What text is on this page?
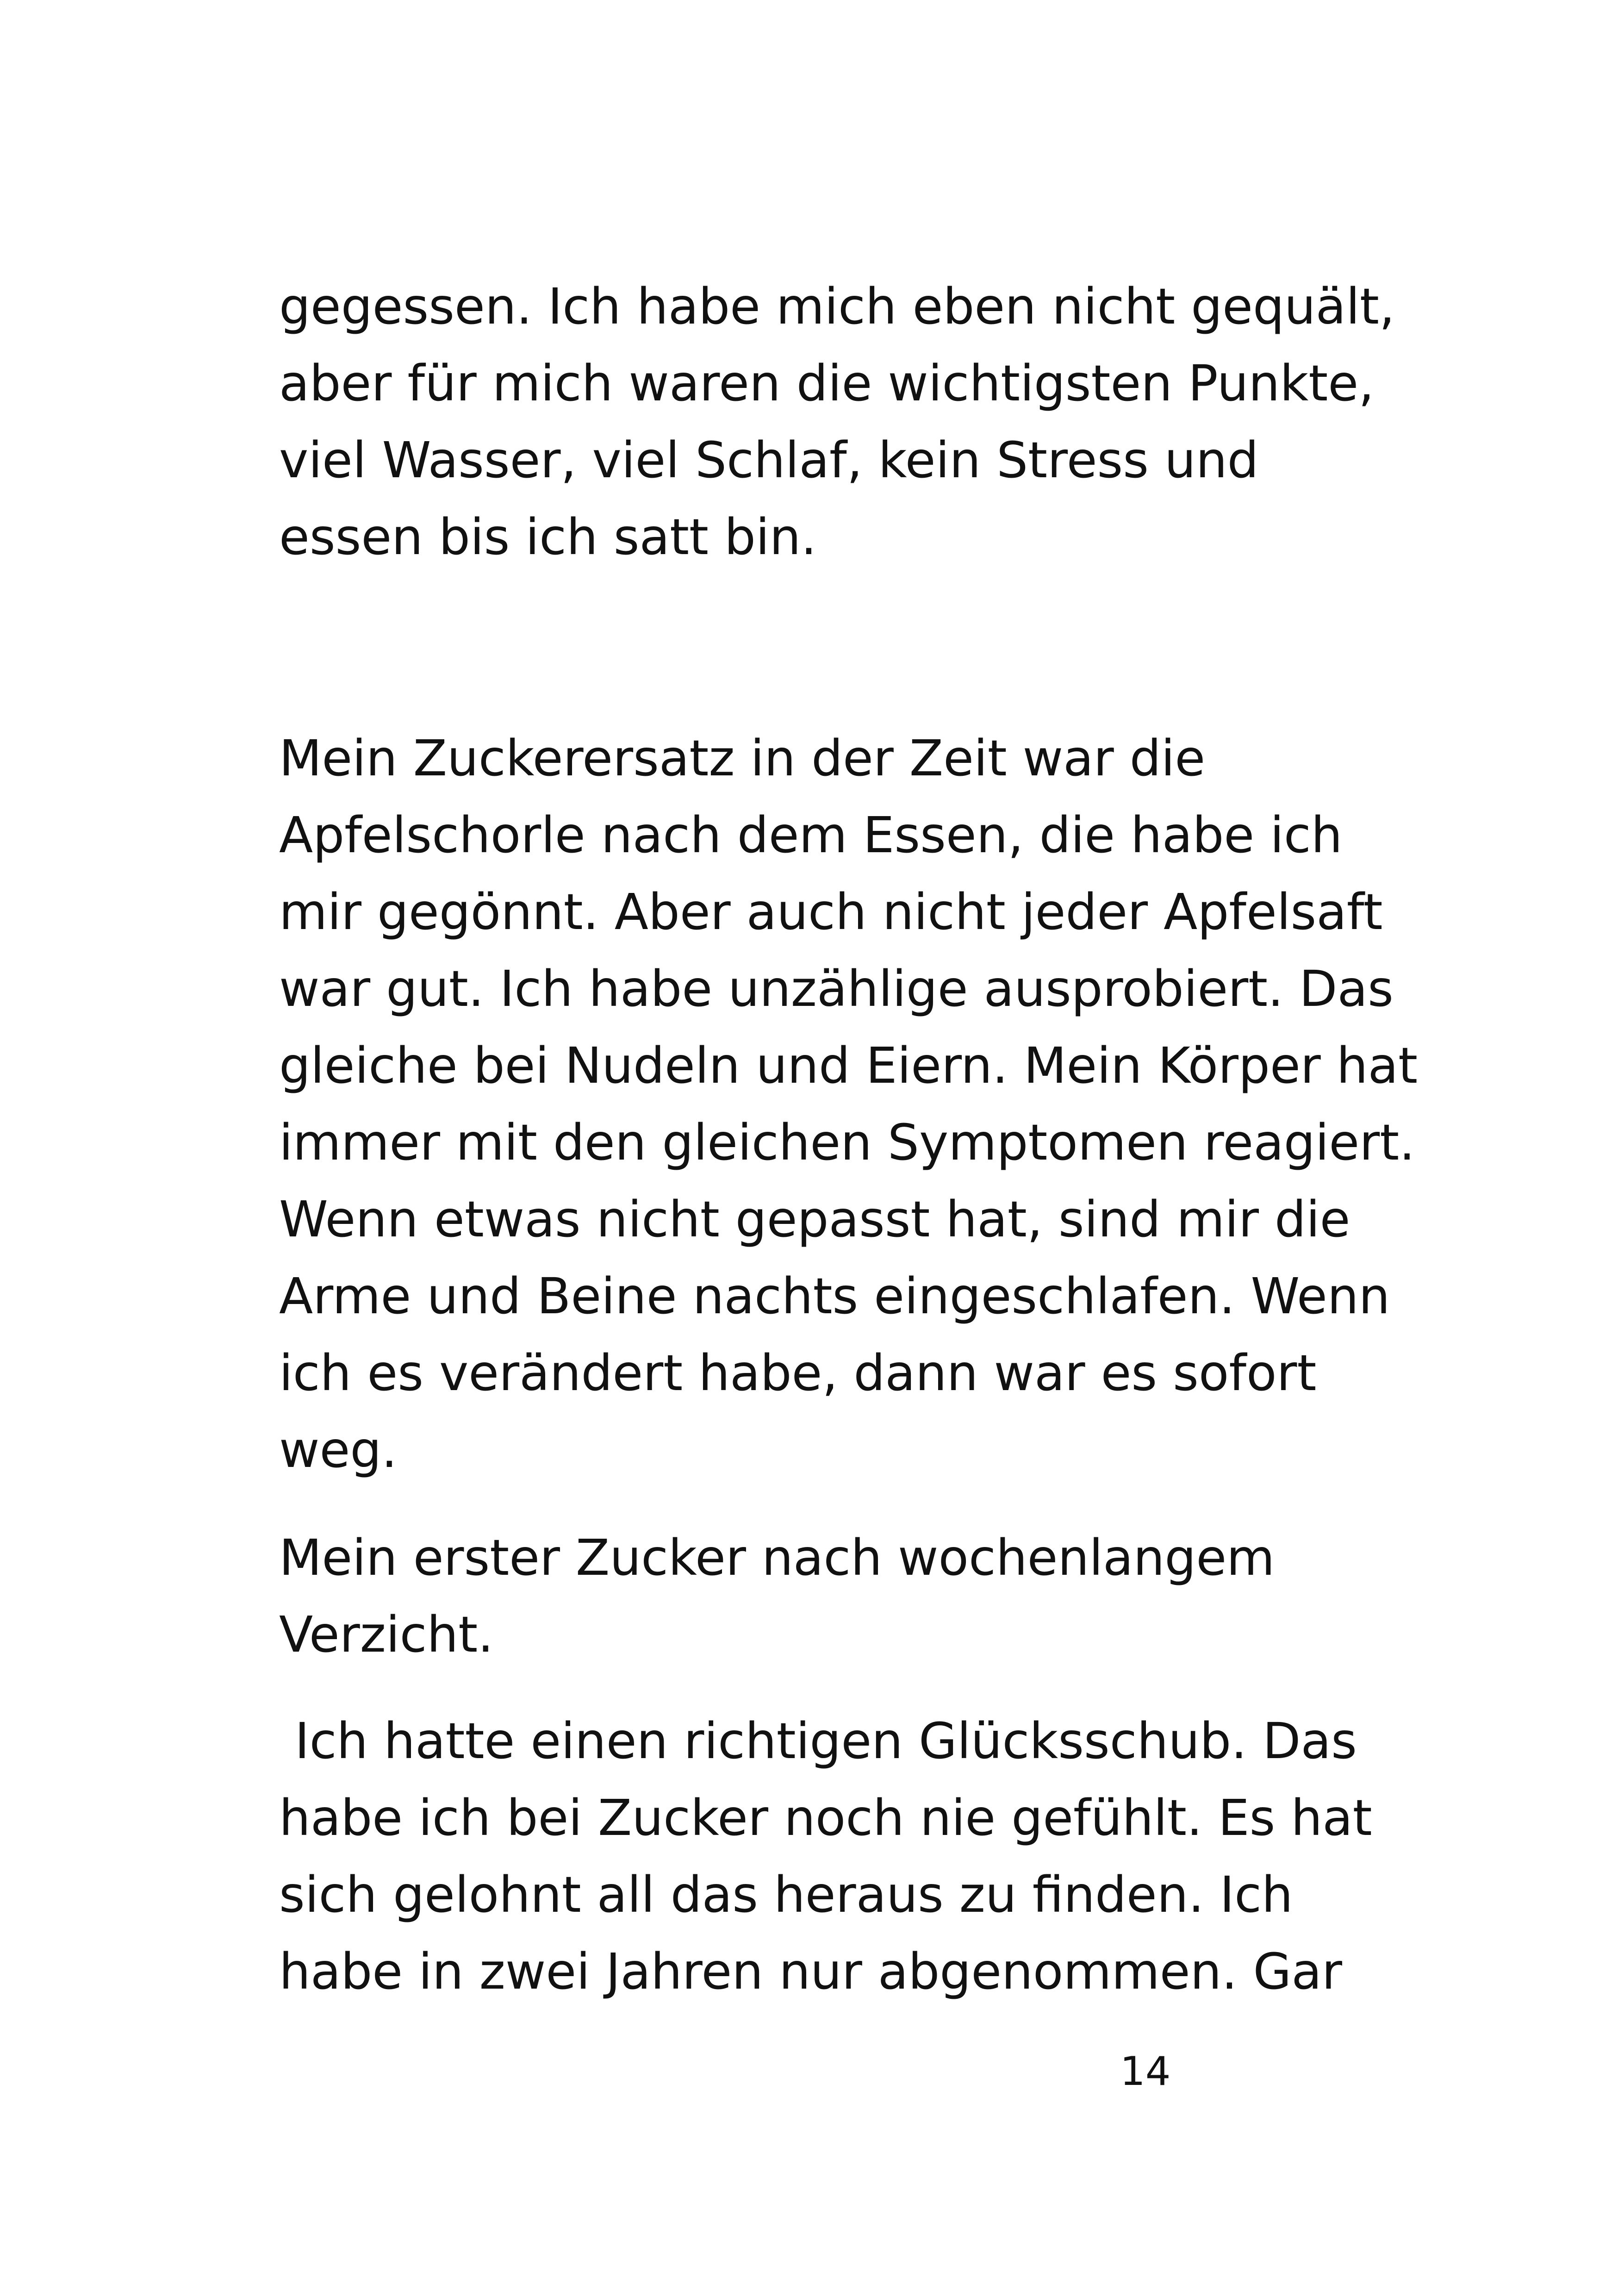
gegessen. Ich habe mich eben nicht gequält,
aber für mich waren die wichtigsten Punkte,
viel Wasser, viel Schlaf, kein Stress und
essen bis ich satt bin.
Mein Zuckerersatz in der Zeit war die
Apfelschorle nach dem Essen, die habe ich
mir gegönnt. Aber auch nicht jeder Apfelsaft
war gut. Ich habe unzählige ausprobiert. Das
gleiche bei Nudeln und Eiern. Mein Körper hat
immer mit den gleichen Symptomen reagiert.
Wenn etwas nicht gepasst hat, sind mir die
Arme und Beine nachts eingeschlafen. Wenn
ich es verändert habe, dann war es sofort
weg.
Mein erster Zucker nach wochenlangem
Verzicht.
Ich hatte einen richtigen Glücksschub. Das
habe ich bei Zucker noch nie gefühlt. Es hat
sich gelohnt all das heraus zu finden. Ich
habe in zwei Jahren nur abgenommen. Gar
14
